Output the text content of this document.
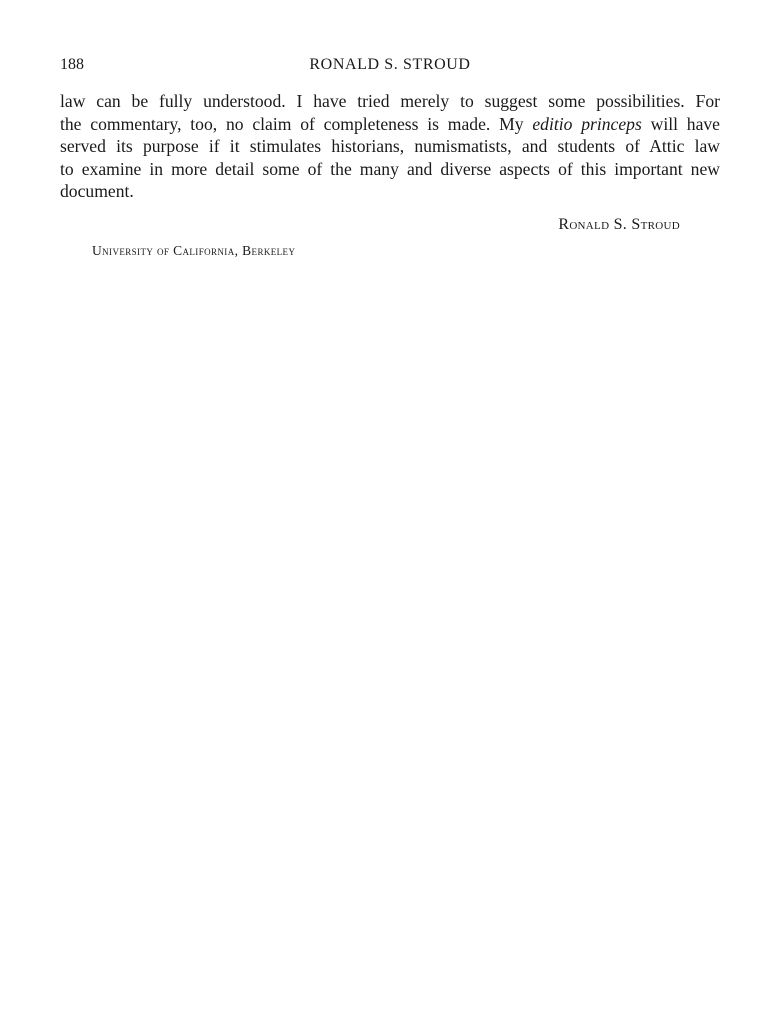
188	RONALD S. STROUD
law can be fully understood. I have tried merely to suggest some possibilities. For
the commentary, too, no claim of completeness is made. My editio princeps will have
served its purpose if it stimulates historians, numismatists, and students of Attic law
to examine in more detail some of the many and diverse aspects of this important new
document.
Ronald S. Stroud
University of California, Berkeley
